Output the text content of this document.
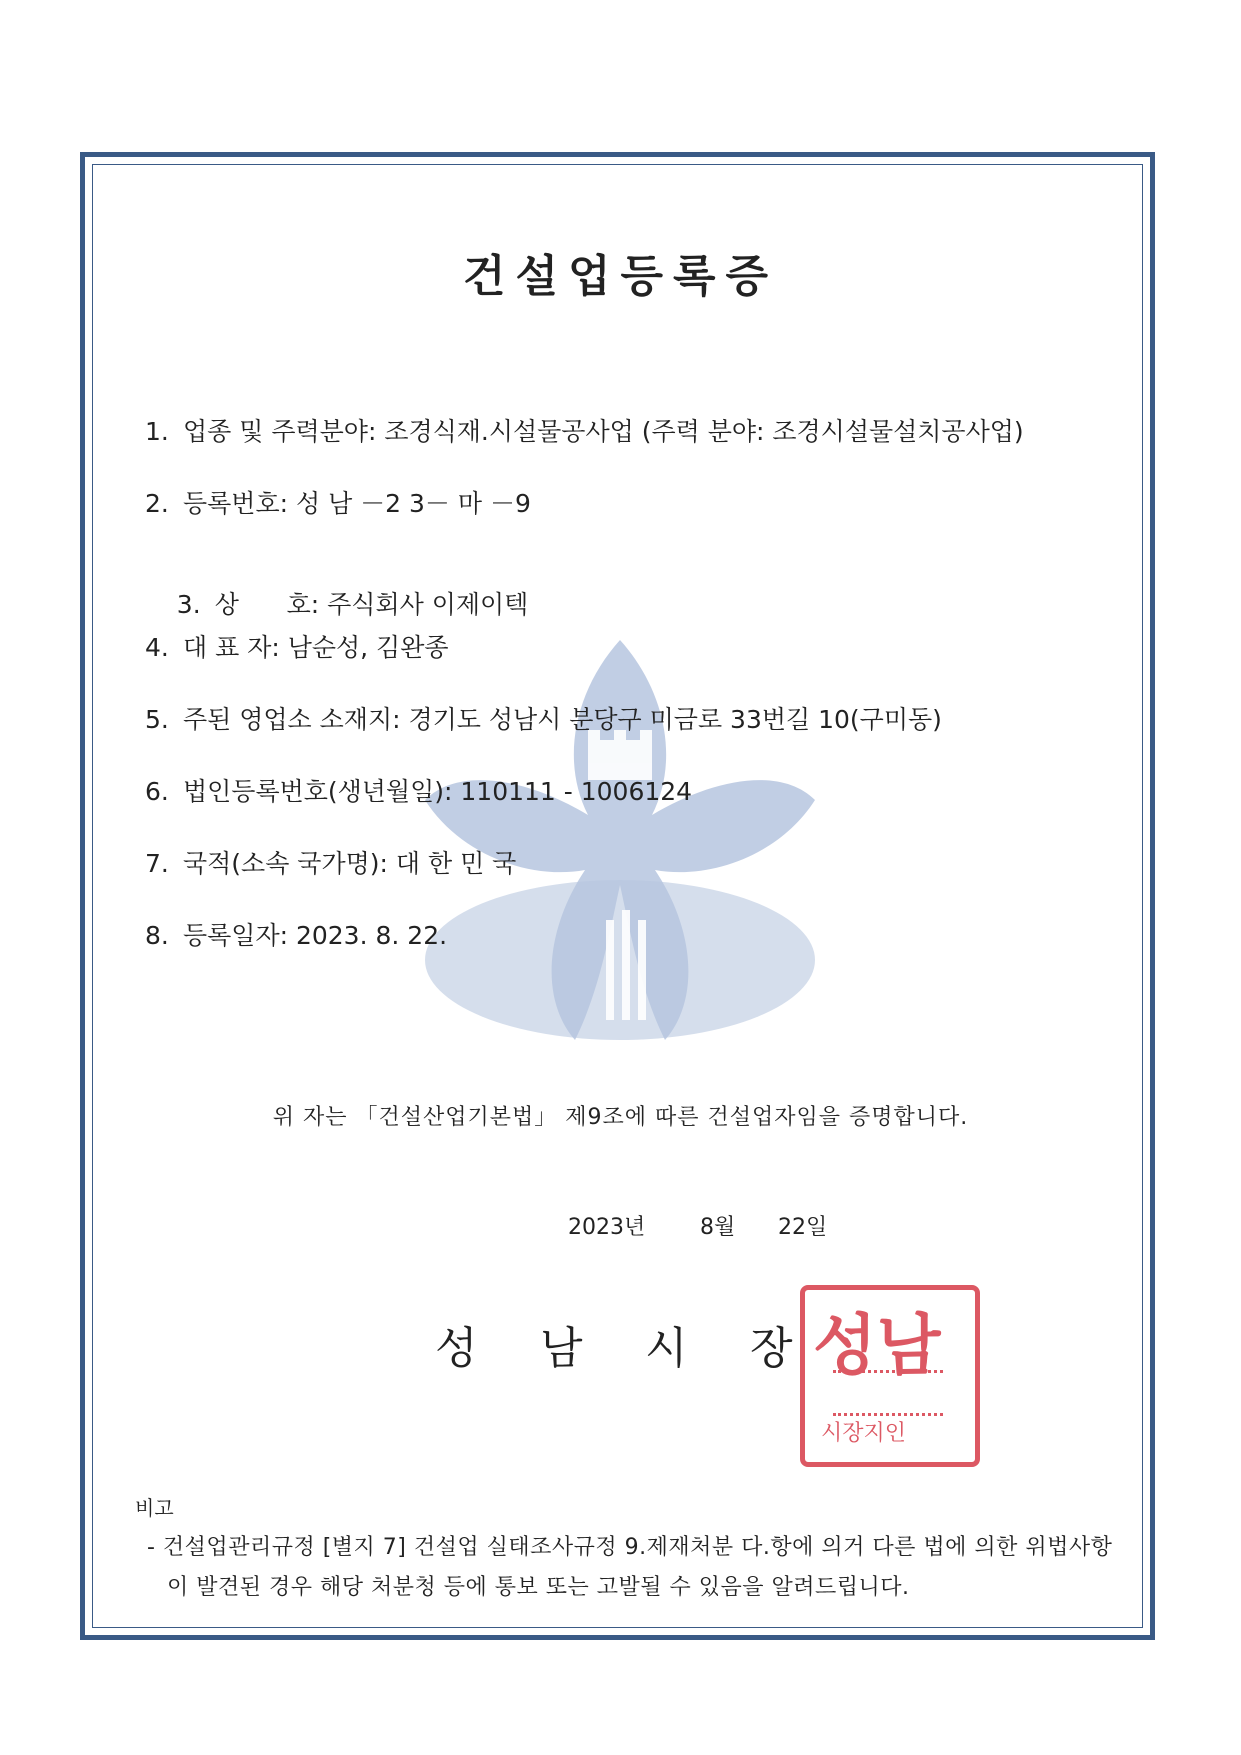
건설업등록증
1. 업종 및 주력분야: 조경식재.시설물공사업 (주력 분야: 조경시설물설치공사업)
2. 등록번호: 성 남 －2 3－ 마 －9

3. 상      호: 주식회사 이제이텍

4. 대 표 자: 남순성, 김완종
5. 주된 영업소 소재지: 경기도 성남시 분당구 미금로 33번길 10(구미동)
6. 법인등록번호(생년월일): 110111 - 1006124
7. 국적(소속 국가명): 대 한 민 국
8. 등록일자: 2023. 8. 22.
위 자는 「건설산업기본법」 제9조에 따른 건설업자임을 증명합니다.
2023년 8월 22일
성 남 시 장 성남
시장지인
비고
- 건설업관리규정 [별지 7] 건설업 실태조사규정 9.제재처분 다.항에 의거 다른 법에 의한 위법사항이 발견된 경우 해당 처분청 등에 통보 또는 고발될 수 있음을 알려드립니다.
